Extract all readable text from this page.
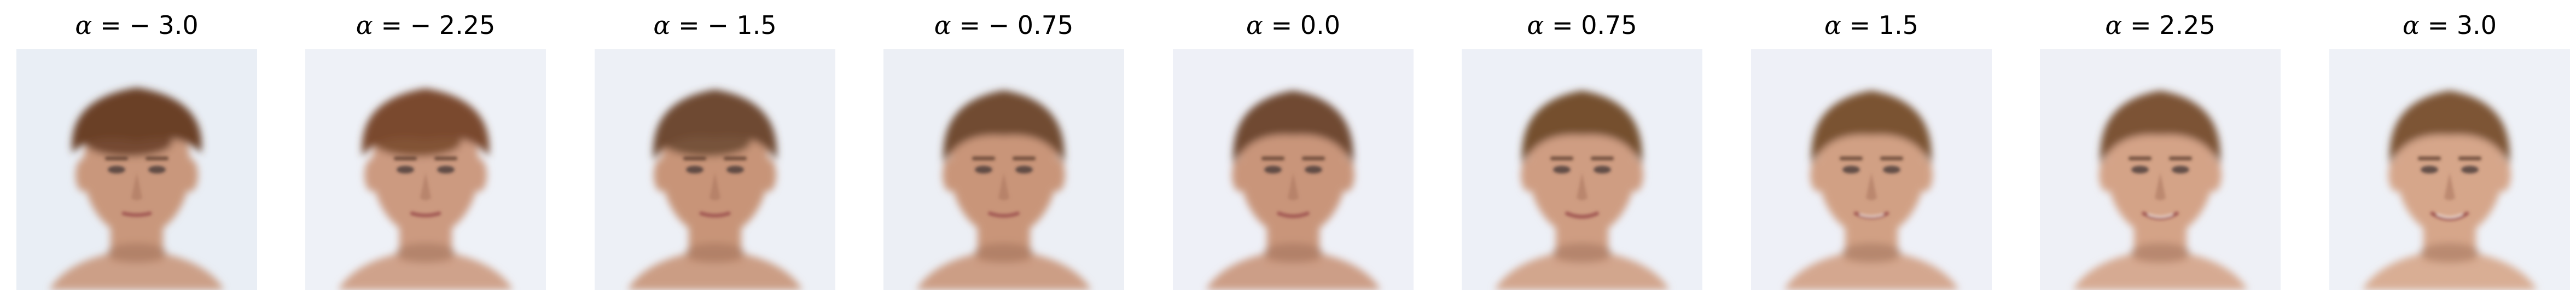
α = − 3.0	α = − 2.25	α = − 1.5	α = − 0.75	α = 0.0	α = 0.75	α = 1.5	α = 2.25	α = 3.0
